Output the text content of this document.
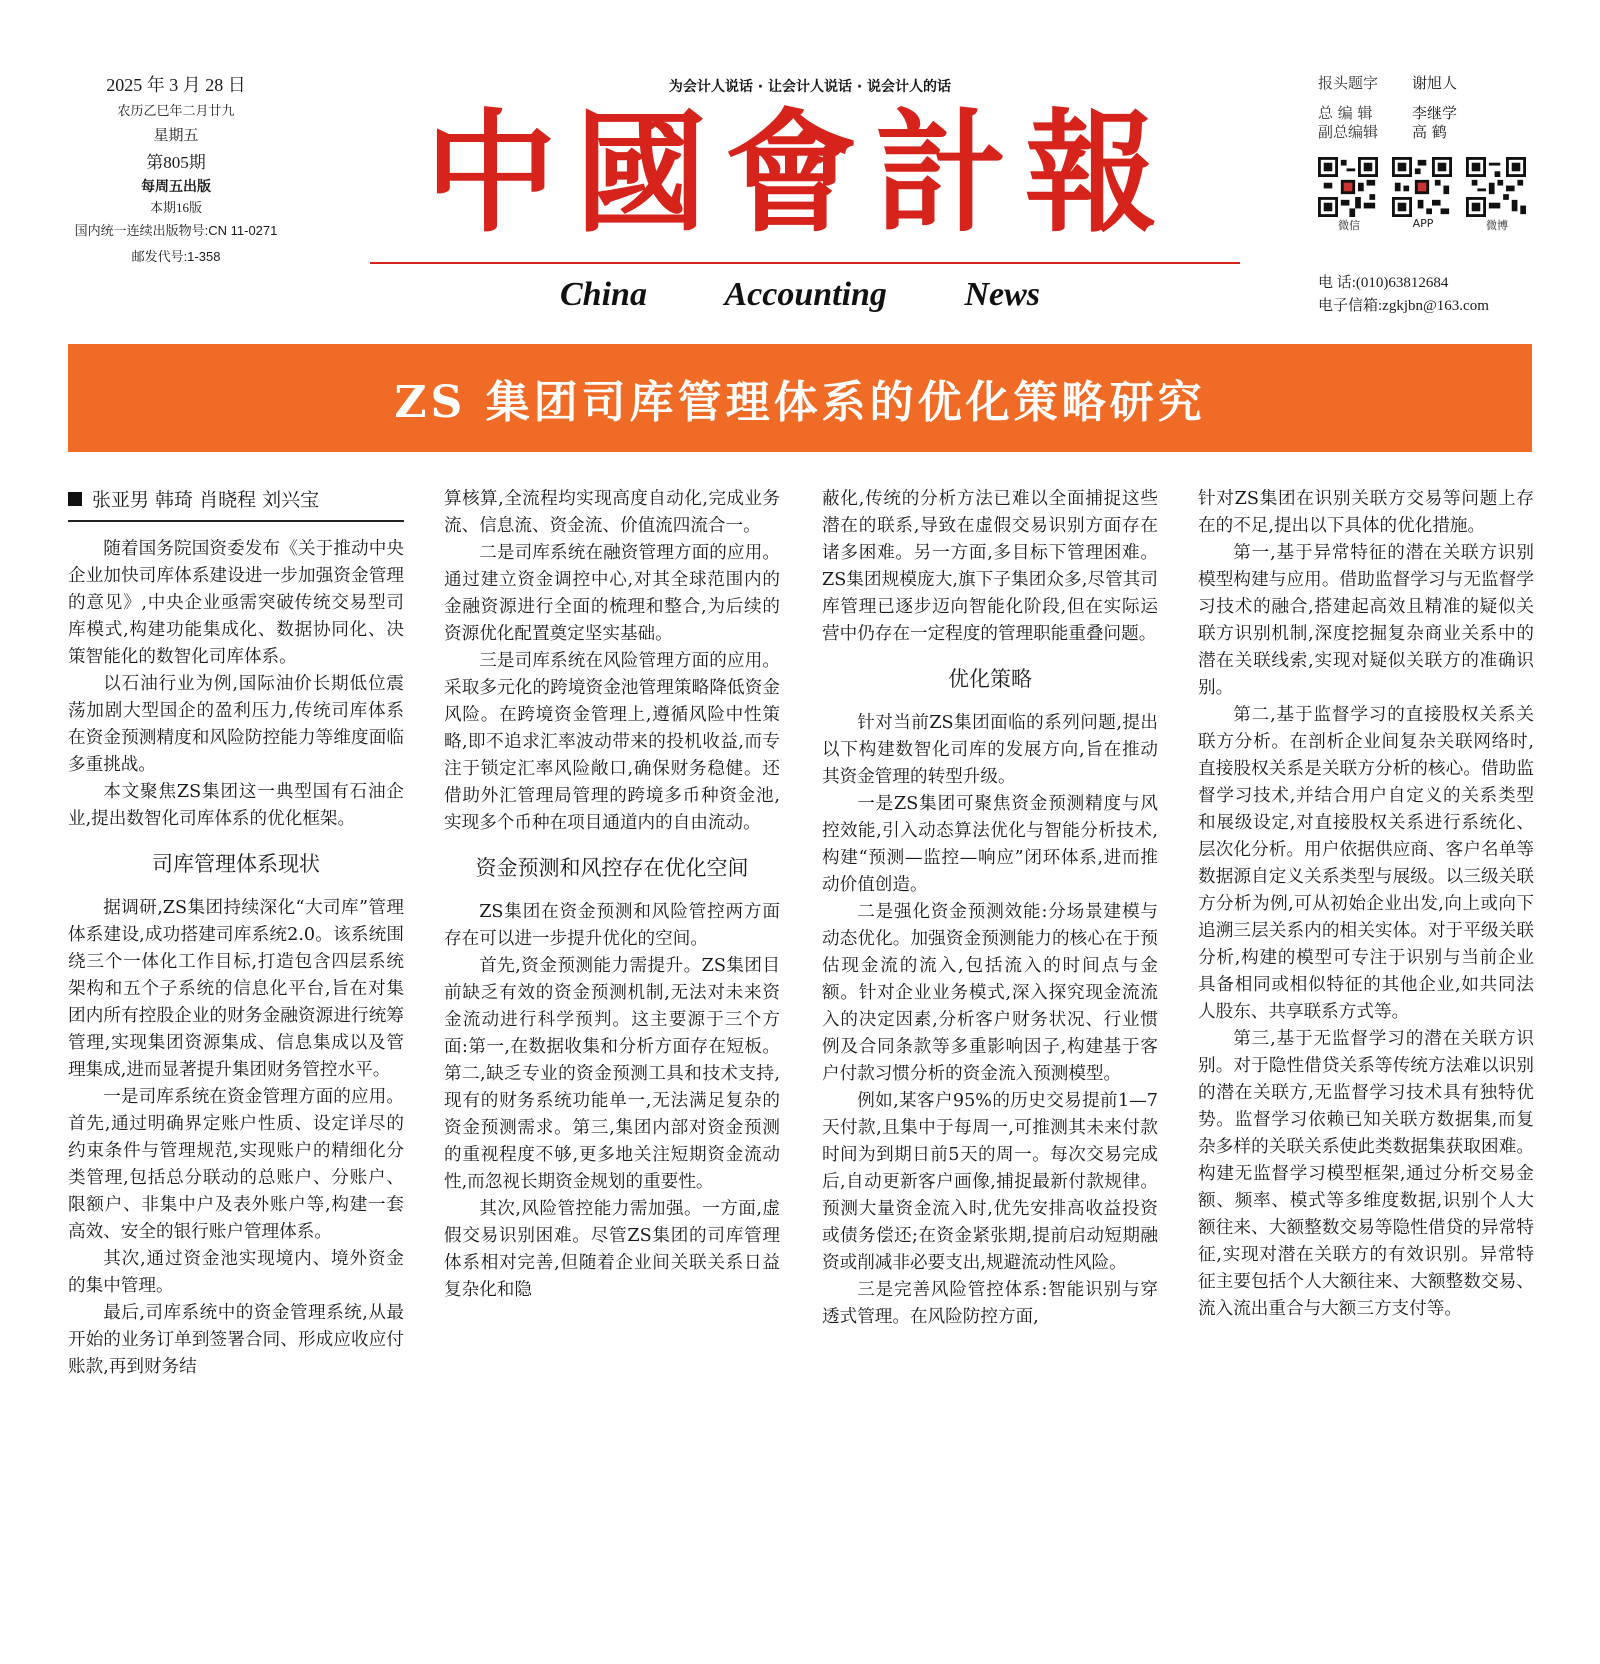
2025 年 3 月 28 日
农历乙巳年二月廿九
星期五
第805期
每周五出版
本期16版
国内统一连续出版物号:CN 11-0271
邮发代号:1-358
为会计人说话 · 让会计人说话 · 说会计人的话
中國會計報
China Accounting News
报头题字	谢旭人
总 编 辑	李继学
副总编辑	高 鹤
微信	APP	微博
电 话:(010)63812684
电子信箱:zgkjbn@163.com
ZS 集团司库管理体系的优化策略研究
张亚男 韩琦 肖晓程 刘兴宝

随着国务院国资委发布《关于推动中央企业加快司库体系建设进一步加强资金管理的意见》,中央企业亟需突破传统交易型司库模式,构建功能集成化、数据协同化、决策智能化的数智化司库体系。

以石油行业为例,国际油价长期低位震荡加剧大型国企的盈利压力,传统司库体系在资金预测精度和风险防控能力等维度面临多重挑战。

本文聚焦ZS集团这一典型国有石油企业,提出数智化司库体系的优化框架。

司库管理体系现状

据调研,ZS集团持续深化“大司库”管理体系建设,成功搭建司库系统2.0。该系统围绕三个一体化工作目标,打造包含四层系统架构和五个子系统的信息化平台,旨在对集团内所有控股企业的财务金融资源进行统筹管理,实现集团资源集成、信息集成以及管理集成,进而显著提升集团财务管控水平。

一是司库系统在资金管理方面的应用。首先,通过明确界定账户性质、设定详尽的约束条件与管理规范,实现账户的精细化分类管理,包括总分联动的总账户、分账户、限额户、非集中户及表外账户等,构建一套高效、安全的银行账户管理体系。

其次,通过资金池实现境内、境外资金的集中管理。

最后,司库系统中的资金管理系统,从最开始的业务订单到签署合同、形成应收应付账款,再到财务结

算核算,全流程均实现高度自动化,完成业务流、信息流、资金流、价值流四流合一。

二是司库系统在融资管理方面的应用。通过建立资金调控中心,对其全球范围内的金融资源进行全面的梳理和整合,为后续的资源优化配置奠定坚实基础。

三是司库系统在风险管理方面的应用。采取多元化的跨境资金池管理策略降低资金风险。在跨境资金管理上,遵循风险中性策略,即不追求汇率波动带来的投机收益,而专注于锁定汇率风险敞口,确保财务稳健。还借助外汇管理局管理的跨境多币种资金池,实现多个币种在项目通道内的自由流动。

资金预测和风控存在优化空间

ZS集团在资金预测和风险管控两方面存在可以进一步提升优化的空间。

首先,资金预测能力需提升。ZS集团目前缺乏有效的资金预测机制,无法对未来资金流动进行科学预判。这主要源于三个方面:第一,在数据收集和分析方面存在短板。第二,缺乏专业的资金预测工具和技术支持,现有的财务系统功能单一,无法满足复杂的资金预测需求。第三,集团内部对资金预测的重视程度不够,更多地关注短期资金流动性,而忽视长期资金规划的重要性。

其次,风险管控能力需加强。一方面,虚假交易识别困难。尽管ZS集团的司库管理体系相对完善,但随着企业间关联关系日益复杂化和隐

蔽化,传统的分析方法已难以全面捕捉这些潜在的联系,导致在虚假交易识别方面存在诸多困难。另一方面,多目标下管理困难。ZS集团规模庞大,旗下子集团众多,尽管其司库管理已逐步迈向智能化阶段,但在实际运营中仍存在一定程度的管理职能重叠问题。

优化策略

针对当前ZS集团面临的系列问题,提出以下构建数智化司库的发展方向,旨在推动其资金管理的转型升级。

一是ZS集团可聚焦资金预测精度与风控效能,引入动态算法优化与智能分析技术,构建“预测—监控—响应”闭环体系,进而推动价值创造。

二是强化资金预测效能:分场景建模与动态优化。加强资金预测能力的核心在于预估现金流的流入,包括流入的时间点与金额。针对企业业务模式,深入探究现金流流入的决定因素,分析客户财务状况、行业惯例及合同条款等多重影响因子,构建基于客户付款习惯分析的资金流入预测模型。

例如,某客户95%的历史交易提前1—7天付款,且集中于每周一,可推测其未来付款时间为到期日前5天的周一。每次交易完成后,自动更新客户画像,捕捉最新付款规律。预测大量资金流入时,优先安排高收益投资或债务偿还;在资金紧张期,提前启动短期融资或削减非必要支出,规避流动性风险。

三是完善风险管控体系:智能识别与穿透式管理。在风险防控方面,

针对ZS集团在识别关联方交易等问题上存在的不足,提出以下具体的优化措施。

第一,基于异常特征的潜在关联方识别模型构建与应用。借助监督学习与无监督学习技术的融合,搭建起高效且精准的疑似关联方识别机制,深度挖掘复杂商业关系中的潜在关联线索,实现对疑似关联方的准确识别。

第二,基于监督学习的直接股权关系关联方分析。在剖析企业间复杂关联网络时,直接股权关系是关联方分析的核心。借助监督学习技术,并结合用户自定义的关系类型和展级设定,对直接股权关系进行系统化、层次化分析。用户依据供应商、客户名单等数据源自定义关系类型与展级。以三级关联方分析为例,可从初始企业出发,向上或向下追溯三层关系内的相关实体。对于平级关联分析,构建的模型可专注于识别与当前企业具备相同或相似特征的其他企业,如共同法人股东、共享联系方式等。

第三,基于无监督学习的潜在关联方识别。对于隐性借贷关系等传统方法难以识别的潜在关联方,无监督学习技术具有独特优势。监督学习依赖已知关联方数据集,而复杂多样的关联关系使此类数据集获取困难。构建无监督学习模型框架,通过分析交易金额、频率、模式等多维度数据,识别个人大额往来、大额整数交易等隐性借贷的异常特征,实现对潜在关联方的有效识别。异常特征主要包括个人大额往来、大额整数交易、流入流出重合与大额三方支付等。
